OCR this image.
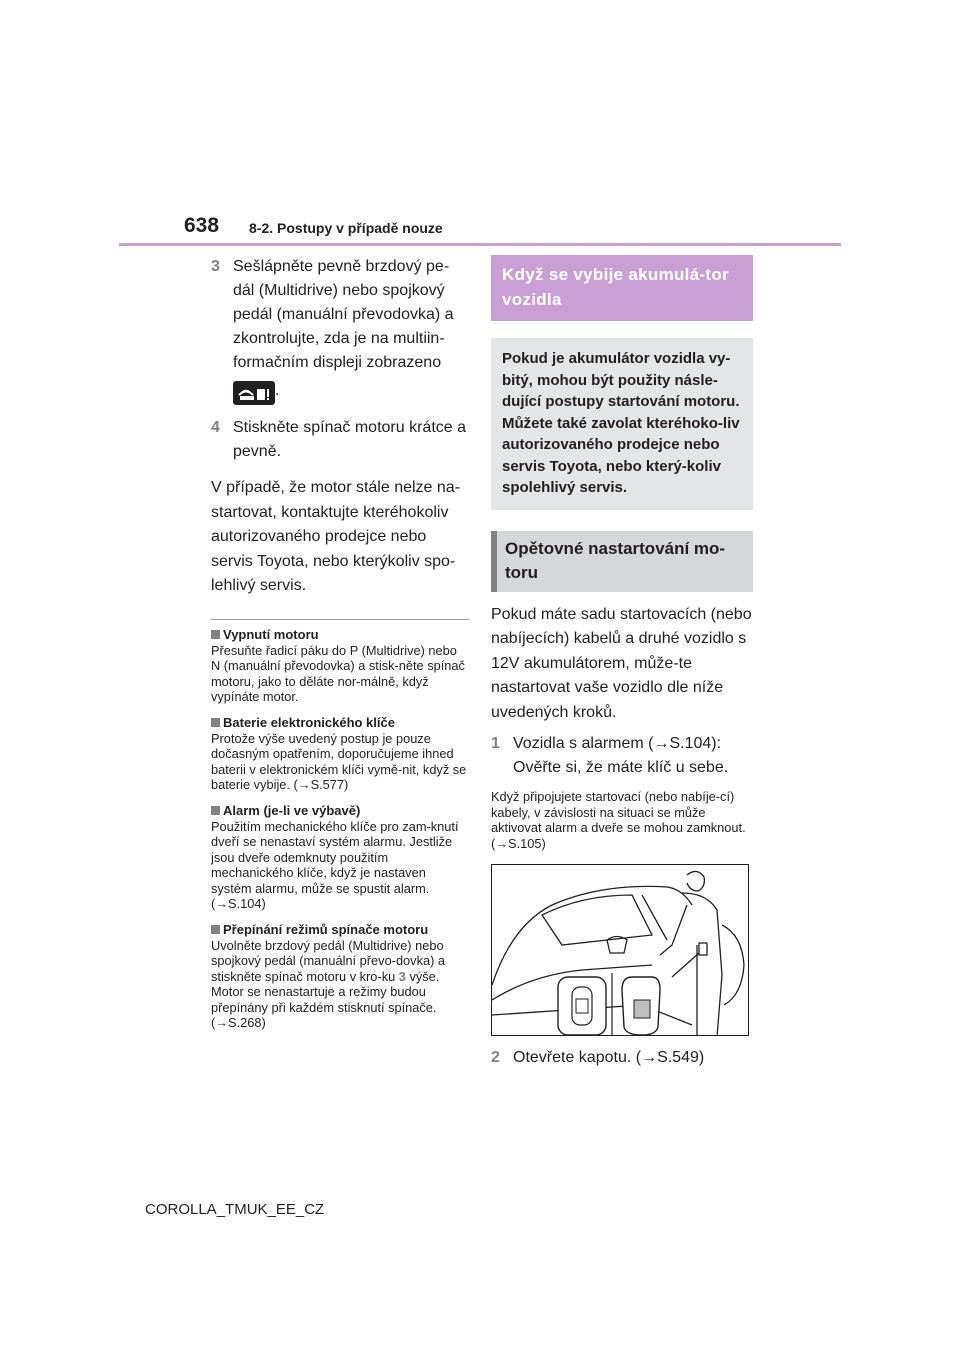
638 8-2. Postupy v případě nouze
3 Sešlápněte pevně brzdový pe-dál (Multidrive) nebo spojkový pedál (manuální převodovka) a zkontrolujte, zda je na multiin-formačním displeji zobrazeno
.
4 Stiskněte spínač motoru krátce a pevně.
V případě, že motor stále nelze na-startovat, kontaktujte kteréhokoliv autorizovaného prodejce nebo servis Toyota, nebo kterýkoliv spo-lehlivý servis.
Vypnutí motoru
Přesuňte řadicí páku do P (Multidrive) nebo N (manuální převodovka) a stisk-něte spínač motoru, jako to děláte nor-málně, když vypínáte motor.
Baterie elektronického klíče
Protože výše uvedený postup je pouze dočasným opatřením, doporučujeme ihned baterii v elektronickém klíči vymě-nit, když se baterie vybije. (→S.577)
Alarm (je-li ve výbavě)
Použitím mechanického klíče pro zam-knutí dveří se nenastaví systém alarmu. Jestliže jsou dveře odemknuty použitím mechanického klíče, když je nastaven systém alarmu, může se spustit alarm. (→S.104)
Přepínání režimů spínače motoru
Uvolněte brzdový pedál (Multidrive) nebo spojkový pedál (manuální převo-dovka) a stiskněte spínač motoru v kro-ku 3 výše. Motor se nenastartuje a režimy budou přepínány při každém stisknutí spínače. (→S.268)
Když se vybije akumulá-tor vozidla
Pokud je akumulátor vozidla vy-bitý, mohou být použity násle-dující postupy startování motoru.
Můžete také zavolat kteréhoko-liv autorizovaného prodejce nebo servis Toyota, nebo který-koliv spolehlivý servis.
Opětovné nastartování mo-toru
Pokud máte sadu startovacích (nebo nabíjecích) kabelů a druhé vozidlo s 12V akumulátorem, může-te nastartovat vaše vozidlo dle níže uvedených kroků.
1 Vozidla s alarmem (→S.104): Ověřte si, že máte klíč u sebe.
Když připojujete startovací (nebo nabíje-cí) kabely, v závislosti na situaci se může aktivovat alarm a dveře se mohou zamknout. (→S.105)
2 Otevřete kapotu. (→S.549)
COROLLA_TMUK_EE_CZ
